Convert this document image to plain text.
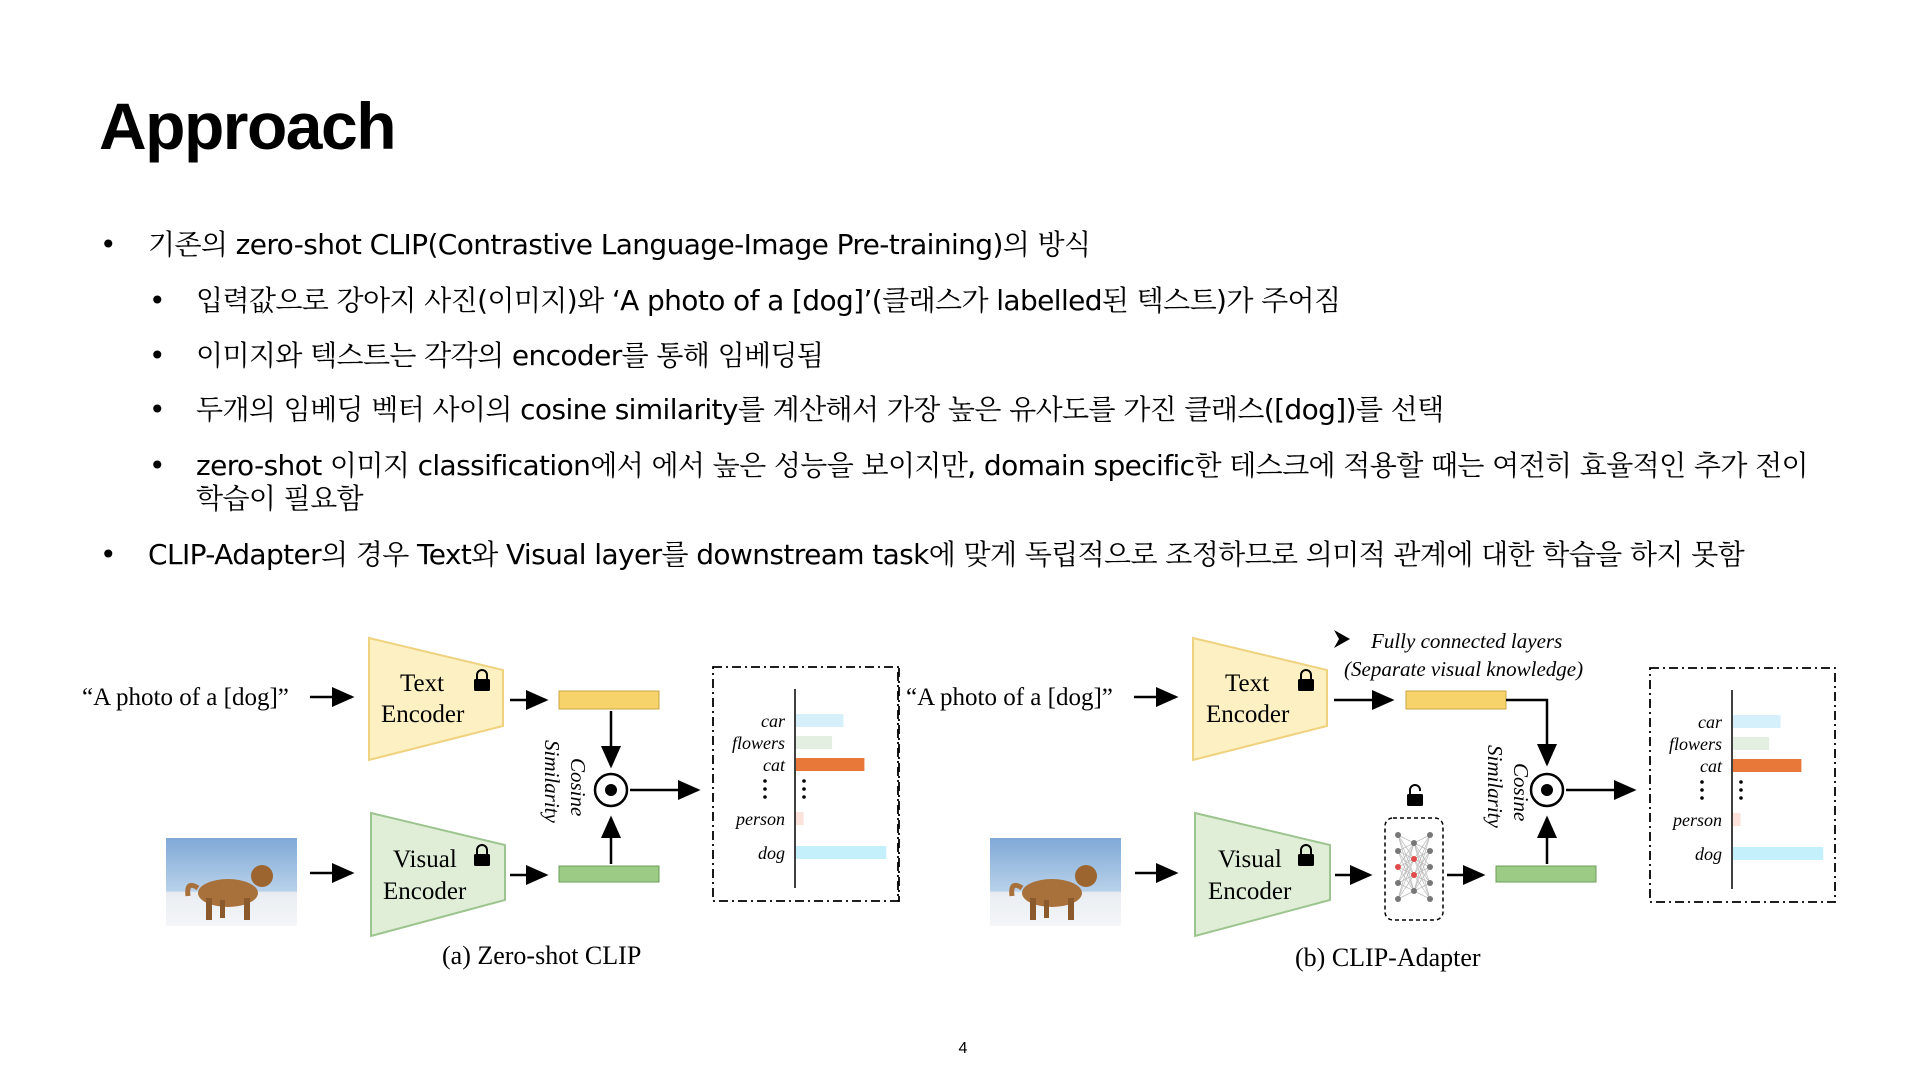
Approach
• 기존의 zero-shot CLIP(Contrastive Language-Image Pre-training)의 방식
• 입력값으로 강아지 사진(이미지)와 ‘A photo of a [dog]’(클래스가 labelled된 텍스트)가 주어짐
• 이미지와 텍스트는 각각의 encoder를 통해 임베딩됨
• 두개의 임베딩 벡터 사이의 cosine similarity를 계산해서 가장 높은 유사도를 가진 클래스([dog])를 선택
• zero-shot 이미지 classification에서 에서 높은 성능을 보이지만, domain specific한 테스크에 적용할 때는 여전히 효율적인 추가 전이
학습이 필요함
• CLIP-Adapter의 경우 Text와 Visual layer를 downstream task에 맞게 독립적으로 조정하므로 의미적 관계에 대한 학습을 하지 못함
“A photo of a [dog]”
Text
Encoder
Visual
Encoder
Similarity Cosine
car
flowers
cat
person
dog
“A photo of a [dog]”
Text
Encoder
Fully connected layers
(Separate visual knowledge)
Visual
Encoder
Similarity Cosine
car
flowers
cat
person
dog
(a) Zero-shot CLIP	(b) CLIP-Adapter
4
